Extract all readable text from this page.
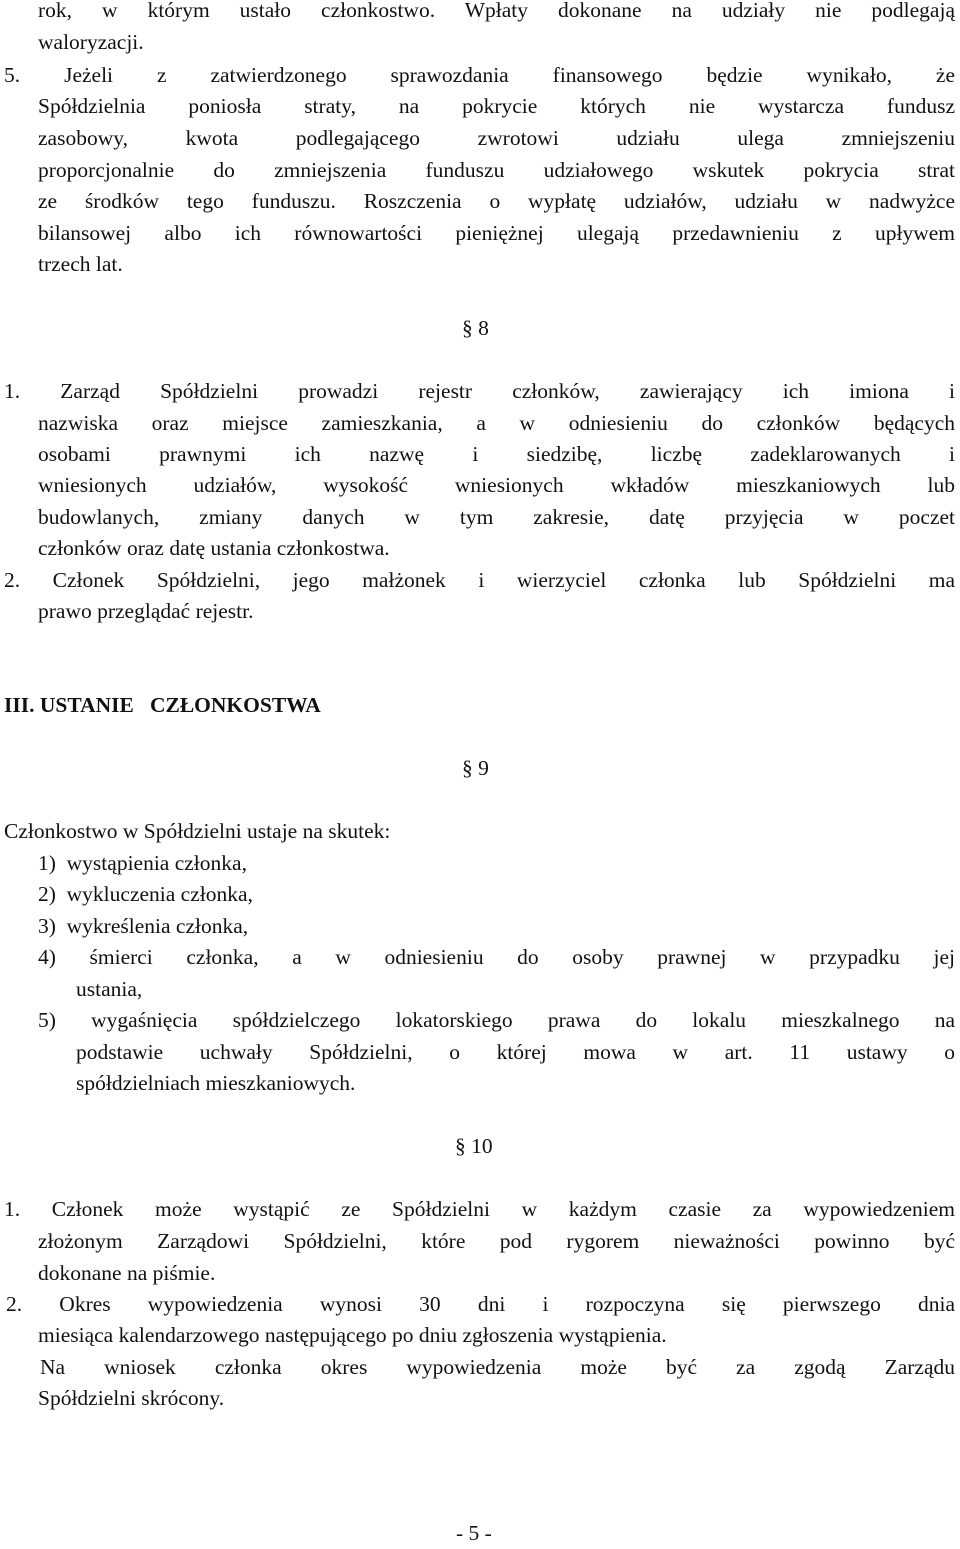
rok, w którym ustało członkostwo. Wpłaty dokonane na udziały nie podlegają
waloryzacji.
5. Jeżeli z zatwierdzonego sprawozdania finansowego będzie wynikało, że
Spółdzielnia poniosła straty, na pokrycie których nie wystarcza fundusz
zasobowy, kwota podlegającego zwrotowi udziału ulega zmniejszeniu
proporcjonalnie do zmniejszenia funduszu udziałowego wskutek pokrycia strat
ze środków tego funduszu. Roszczenia o wypłatę udziałów, udziału w nadwyżce
bilansowej albo ich równowartości pieniężnej ulegają przedawnieniu z upływem
trzech lat.
§ 8
1. Zarząd Spółdzielni prowadzi rejestr członków, zawierający ich imiona i
nazwiska oraz miejsce zamieszkania, a w odniesieniu do członków będących
osobami prawnymi ich nazwę i siedzibę, liczbę zadeklarowanych i
wniesionych udziałów, wysokość wniesionych wkładów mieszkaniowych lub
budowlanych, zmiany danych w tym zakresie, datę przyjęcia w poczet
członków oraz datę ustania członkostwa.
2. Członek Spółdzielni, jego małżonek i wierzyciel członka lub Spółdzielni ma
prawo przeglądać rejestr.
III. USTANIE   CZŁONKOSTWA
§ 9
Członkostwo w Spółdzielni ustaje na skutek:
1)  wystąpienia członka,
2)  wykluczenia członka,
3)  wykreślenia członka,
4) śmierci członka, a w odniesieniu do osoby prawnej w przypadku jej
ustania,
5) wygaśnięcia spółdzielczego lokatorskiego prawa do lokalu mieszkalnego na
podstawie uchwały Spółdzielni, o której mowa w art. 11 ustawy o
spółdzielniach mieszkaniowych.
§ 10
1. Członek może wystąpić ze Spółdzielni w każdym czasie za wypowiedzeniem
złożonym Zarządowi Spółdzielni, które pod rygorem nieważności powinno być
dokonane na piśmie.
2. Okres wypowiedzenia wynosi 30 dni i rozpoczyna się pierwszego dnia
miesiąca kalendarzowego następującego po dniu zgłoszenia wystąpienia.
Na wniosek członka okres wypowiedzenia może być za zgodą Zarządu
Spółdzielni skrócony.
- 5 -
